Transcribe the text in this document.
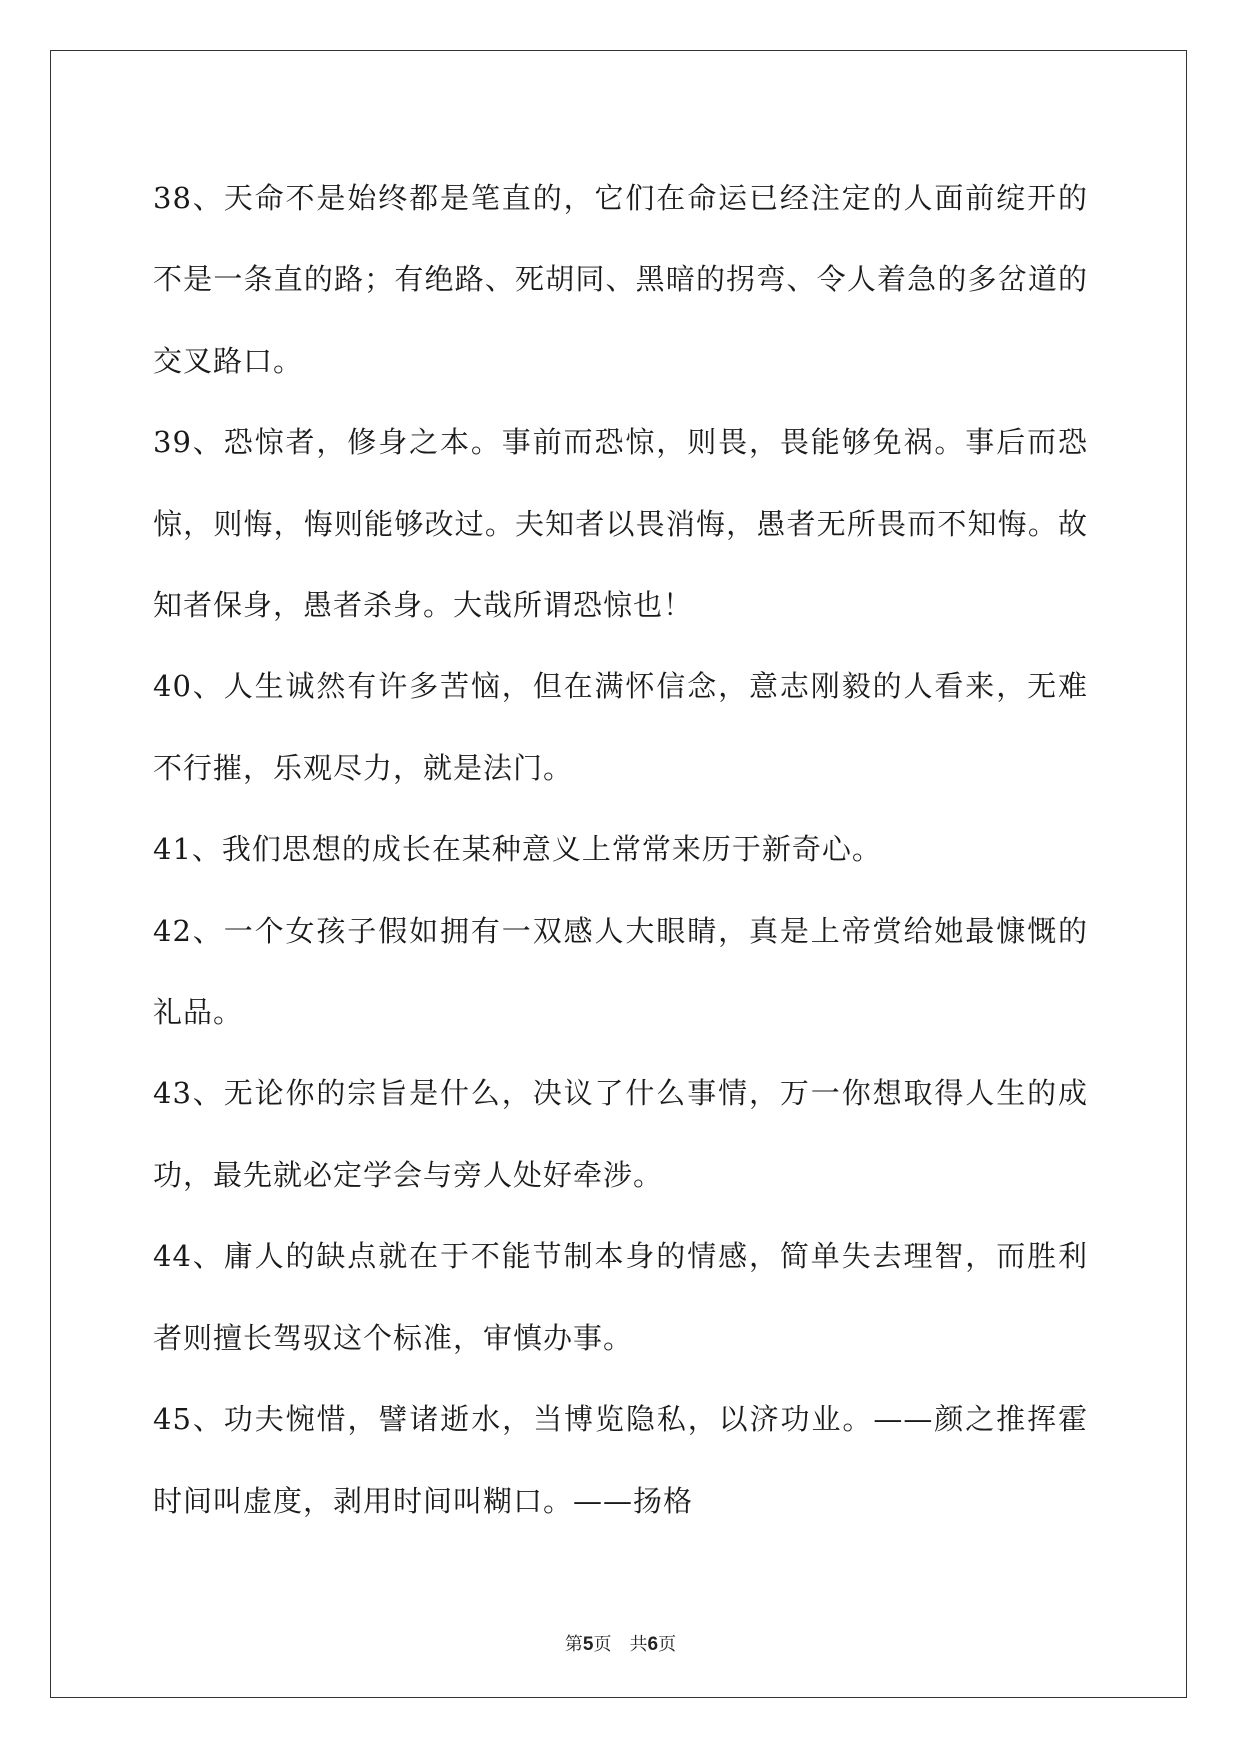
38、天命不是始终都是笔直的，它们在命运已经注定的人面前绽开的不是一条直的路；有绝路、死胡同、黑暗的拐弯、令人着急的多岔道的交叉路口。

39、恐惊者，修身之本。事前而恐惊，则畏，畏能够免祸。事后而恐惊，则悔，悔则能够改过。夫知者以畏消悔，愚者无所畏而不知悔。故知者保身，愚者杀身。大哉所谓恐惊也！

40、人生诚然有许多苦恼，但在满怀信念，意志刚毅的人看来，无难不行摧，乐观尽力，就是法门。

41、我们思想的成长在某种意义上常常来历于新奇心。

42、一个女孩子假如拥有一双感人大眼睛，真是上帝赏给她最慷慨的礼品。

43、无论你的宗旨是什么，决议了什么事情，万一你想取得人生的成功，最先就必定学会与旁人处好牵涉。

44、庸人的缺点就在于不能节制本身的情感，简单失去理智，而胜利者则擅长驾驭这个标准，审慎办事。

45、功夫惋惜，譬诸逝水，当博览隐私，以济功业。——颜之推挥霍时间叫虚度，剥用时间叫糊口。——扬格

第5页 共6页
